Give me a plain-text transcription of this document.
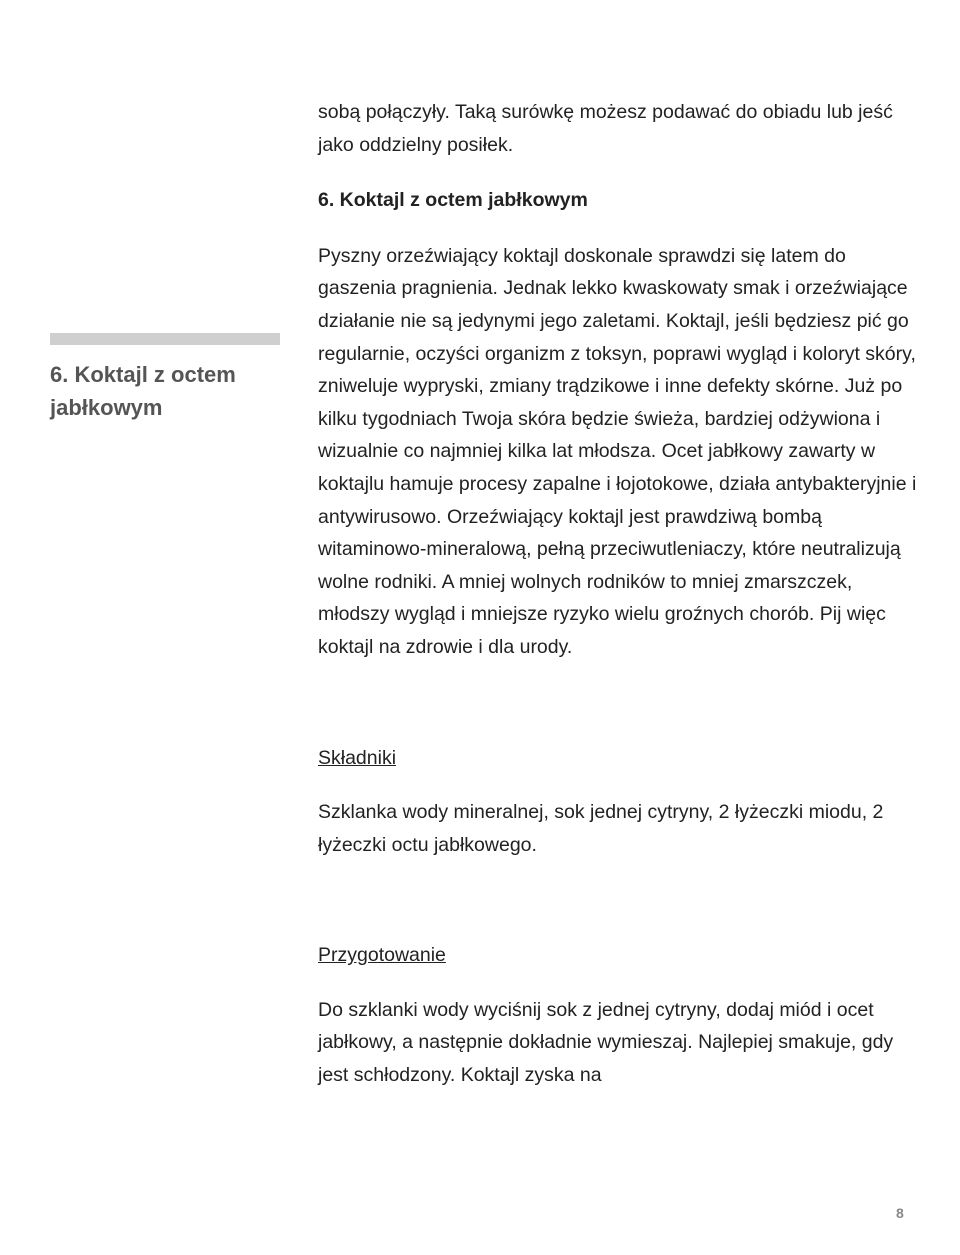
6. Koktajl z octem jabłkowym

sobą połączyły. Taką surówkę możesz podawać do obiadu lub jeść jako oddzielny posiłek.

6. Koktajl z octem jabłkowym

Pyszny orzeźwiający koktajl doskonale sprawdzi się latem do gaszenia pragnienia. Jednak lekko kwaskowaty smak i orzeźwiające działanie nie są jedynymi jego zaletami. Koktajl, jeśli będziesz pić go regularnie, oczyści organizm z toksyn, poprawi wygląd i koloryt skóry, zniweluje wypryski, zmiany trądzikowe i inne defekty skórne. Już po kilku tygodniach Twoja skóra będzie świeża, bardziej odżywiona i wizualnie co najmniej kilka lat młodsza. Ocet jabłkowy zawarty w koktajlu hamuje procesy zapalne i łojotokowe, działa antybakteryjnie i antywirusowo. Orzeźwiający koktajl jest prawdziwą bombą witaminowo-mineralową, pełną przeciwutleniaczy, które neutralizują wolne rodniki. A mniej wolnych rodników to mniej zmarszczek, młodszy wygląd i mniejsze ryzyko wielu groźnych chorób. Pij więc koktajl na zdrowie i dla urody.

Składniki

Szklanka wody mineralnej, sok jednej cytryny, 2 łyżeczki miodu, 2 łyżeczki octu jabłkowego.

Przygotowanie

Do szklanki wody wyciśnij sok z jednej cytryny, dodaj miód i ocet jabłkowy, a następnie dokładnie wymieszaj. Najlepiej smakuje, gdy jest schłodzony. Koktajl zyska na

8
